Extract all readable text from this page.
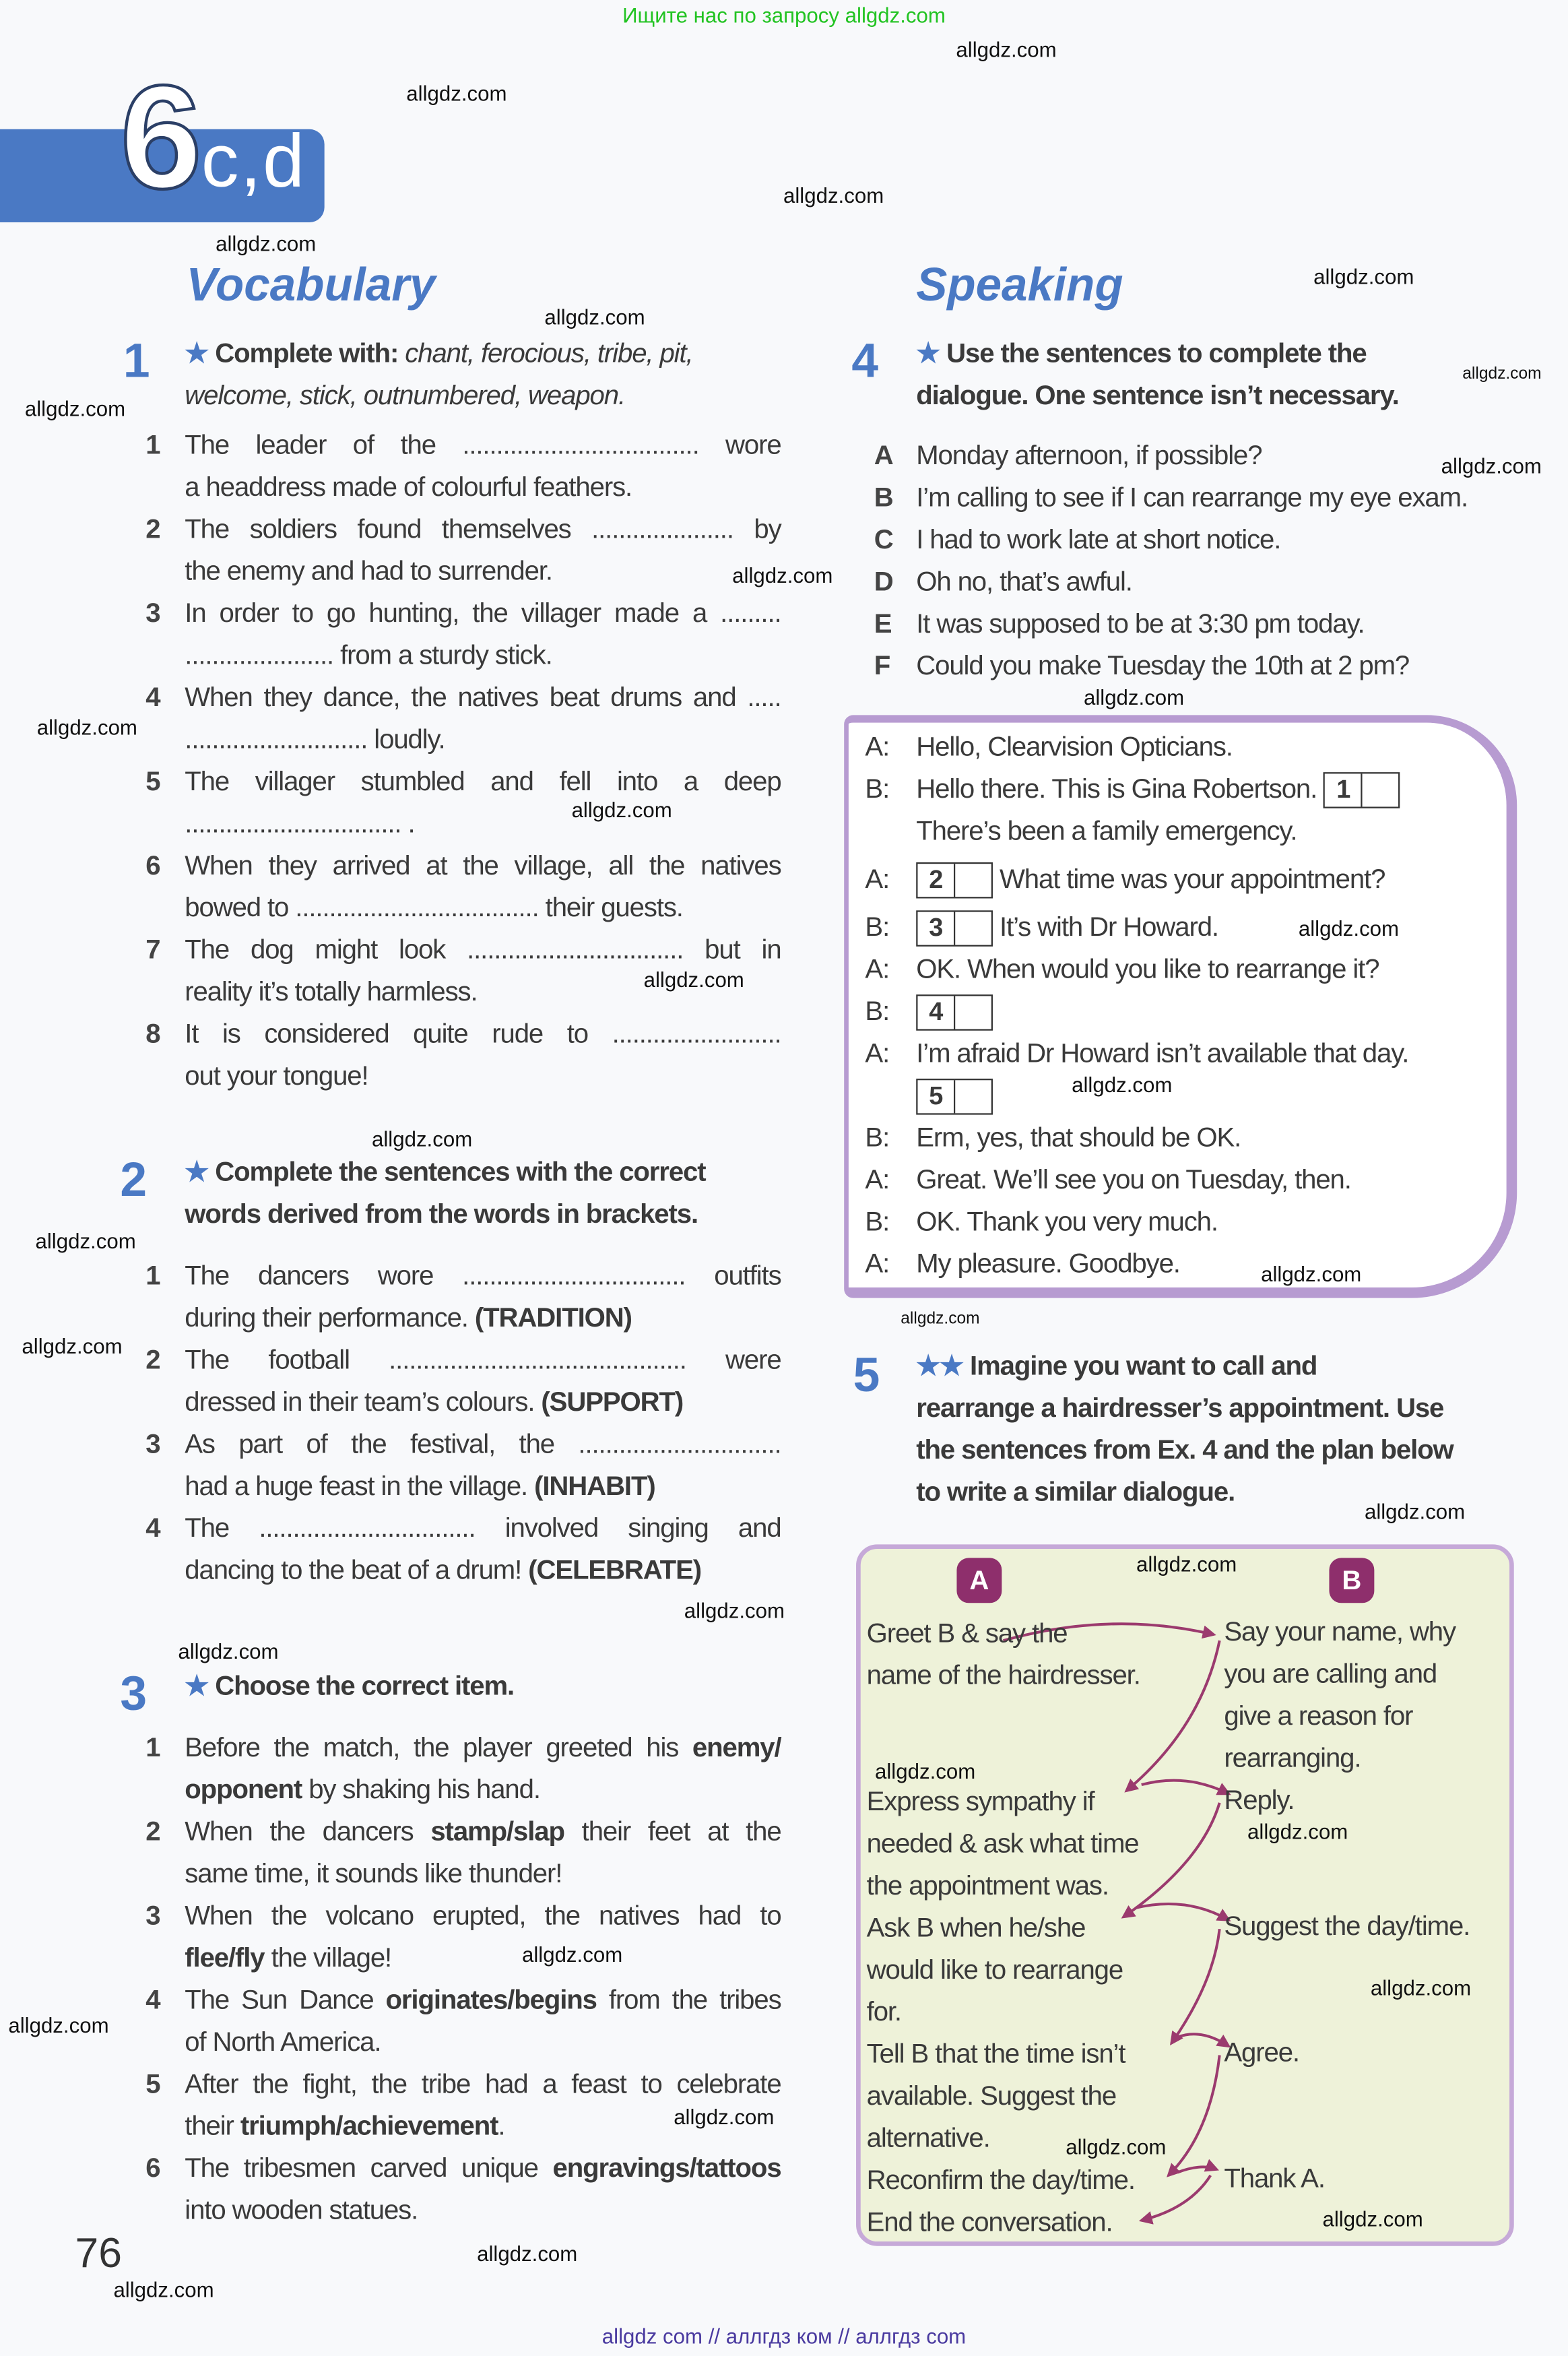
Ищите нас по запросу allgdz.com
allgdz com // аллгдз ком // аллгдз com
6
c,d
Vocabulary	Speaking
1	★ Complete with: chant, ferocious, tribe, pit,
welcome, stick, outnumbered, weapon.
2
3
76
4
5
A	B
1 The leader of the ................................... wore
a headdress made of colourful feathers.
2 The soldiers found themselves ..................... by
the enemy and had to surrender.
3 In order to go hunting, the villager made a .........
...................... from a sturdy stick.
4 When they dance, the natives beat drums and .....
........................... loudly.
5 The villager stumbled and fell into a deep
................................ .
6 When they arrived at the village, all the natives
bowed to .................................... their guests.
7 The dog might look ................................ but in
reality it’s totally harmless.
8 It is considered quite rude to .........................
out your tongue!
★ Complete the sentences with the correct
words derived from the words in brackets.
★ Choose the correct item.
1 The dancers wore ................................. outfits
during their performance. (TRADITION)
2 The football ............................................ were
dressed in their team’s colours. (SUPPORT)
3 As part of the festival, the ..............................
had a huge feast in the village. (INHABIT)
4 The ................................ involved singing and
dancing to the beat of a drum! (CELEBRATE)
1 Before the match, the player greeted his enemy/
opponent by shaking his hand.
2 When the dancers stamp/slap their feet at the
same time, it sounds like thunder!
3 When the volcano erupted, the natives had to
flee/fly the village!
4 The Sun Dance originates/begins from the tribes
of North America.
5 After the fight, the tribe had a feast to celebrate
their triumph/achievement.
6 The tribesmen carved unique engravings/tattoos
into wooden statues.
★ Use the sentences to complete the
dialogue. One sentence isn’t necessary.
A Monday afternoon, if possible?
B I’m calling to see if I can rearrange my eye exam.
C I had to work late at short notice.
D Oh no, that’s awful.
E It was supposed to be at 3:30 pm today.
F Could you make Tuesday the 10th at 2 pm?
A: Hello, Clearvision Opticians.
B: Hello there. This is Gina Robertson.	1
There’s been a family emergency.
A:	2	What time was your appointment?
B:	3	It’s with Dr Howard.
A: OK. When would you like to rearrange it?
B:	4
A: I’m afraid Dr Howard isn’t available that day.
5
B: Erm, yes, that should be OK.
A: Great. We’ll see you on Tuesday, then.
B: OK. Thank you very much.
A: My pleasure. Goodbye.
★★ Imagine you want to call and
rearrange a hairdresser’s appointment. Use
the sentences from Ex. 4 and the plan below
to write a similar dialogue.
Greet B & say the
name of the hairdresser.
Express sympathy if
needed & ask what time
the appointment was.
Ask B when he/she
would like to rearrange
for.
Tell B that the time isn’t
available. Suggest the
alternative.
Reconfirm the day/time.
End the conversation.
Say your name, why
you are calling and
give a reason for
rearranging.
Reply.
Suggest the day/time.
Agree.
Thank A.
allgdz.com
allgdz.com
allgdz.com
allgdz.com
allgdz.com
allgdz.com
allgdz.com
allgdz.com
allgdz.com
allgdz.com
allgdz.com
allgdz.com
allgdz.com
allgdz.com
allgdz.com
allgdz.com
allgdz.com
allgdz.com
allgdz.com
allgdz.com
allgdz.com
allgdz.com
allgdz.com
allgdz.com
allgdz.com
allgdz.com
allgdz.com
allgdz.com
allgdz.com
allgdz.com
allgdz.com
allgdz.com
allgdz.com
allgdz.com
allgdz.com
